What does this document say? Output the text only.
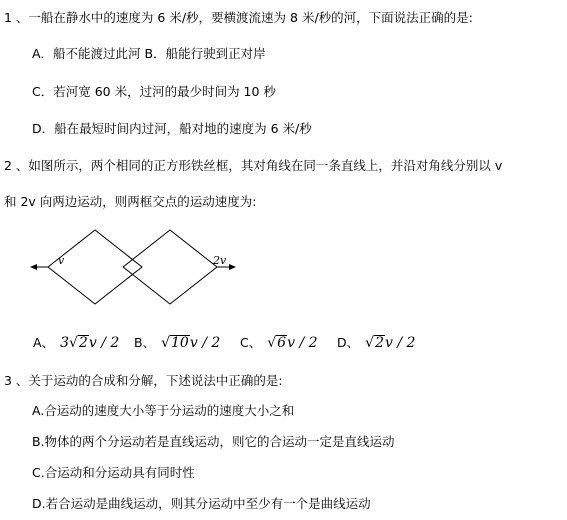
1 、一船在静水中的速度为 6 米/秒，要横渡流速为 8 米/秒的河，下面说法正确的是:
A．船不能渡过此河 B．船能行驶到正对岸
C．若河宽 60 米，过河的最少时间为 10 秒
D．船在最短时间内过河，船对地的速度为 6 米/秒
2 、如图所示，两个相同的正方形铁丝框，其对角线在同一条直线上，并沿对角线分别以 v
和 2v 向两边运动，则两框交点的运动速度为:
v	2v
A、 3√2v / 2 B、 √10v / 2 C、 √6v / 2 D、 √2v / 2
3 、关于运动的合成和分解，下述说法中正确的是:
A.合运动的速度大小等于分运动的速度大小之和
B.物体的两个分运动若是直线运动，则它的合运动一定是直线运动
C.合运动和分运动具有同时性
D.若合运动是曲线运动，则其分运动中至少有一个是曲线运动
